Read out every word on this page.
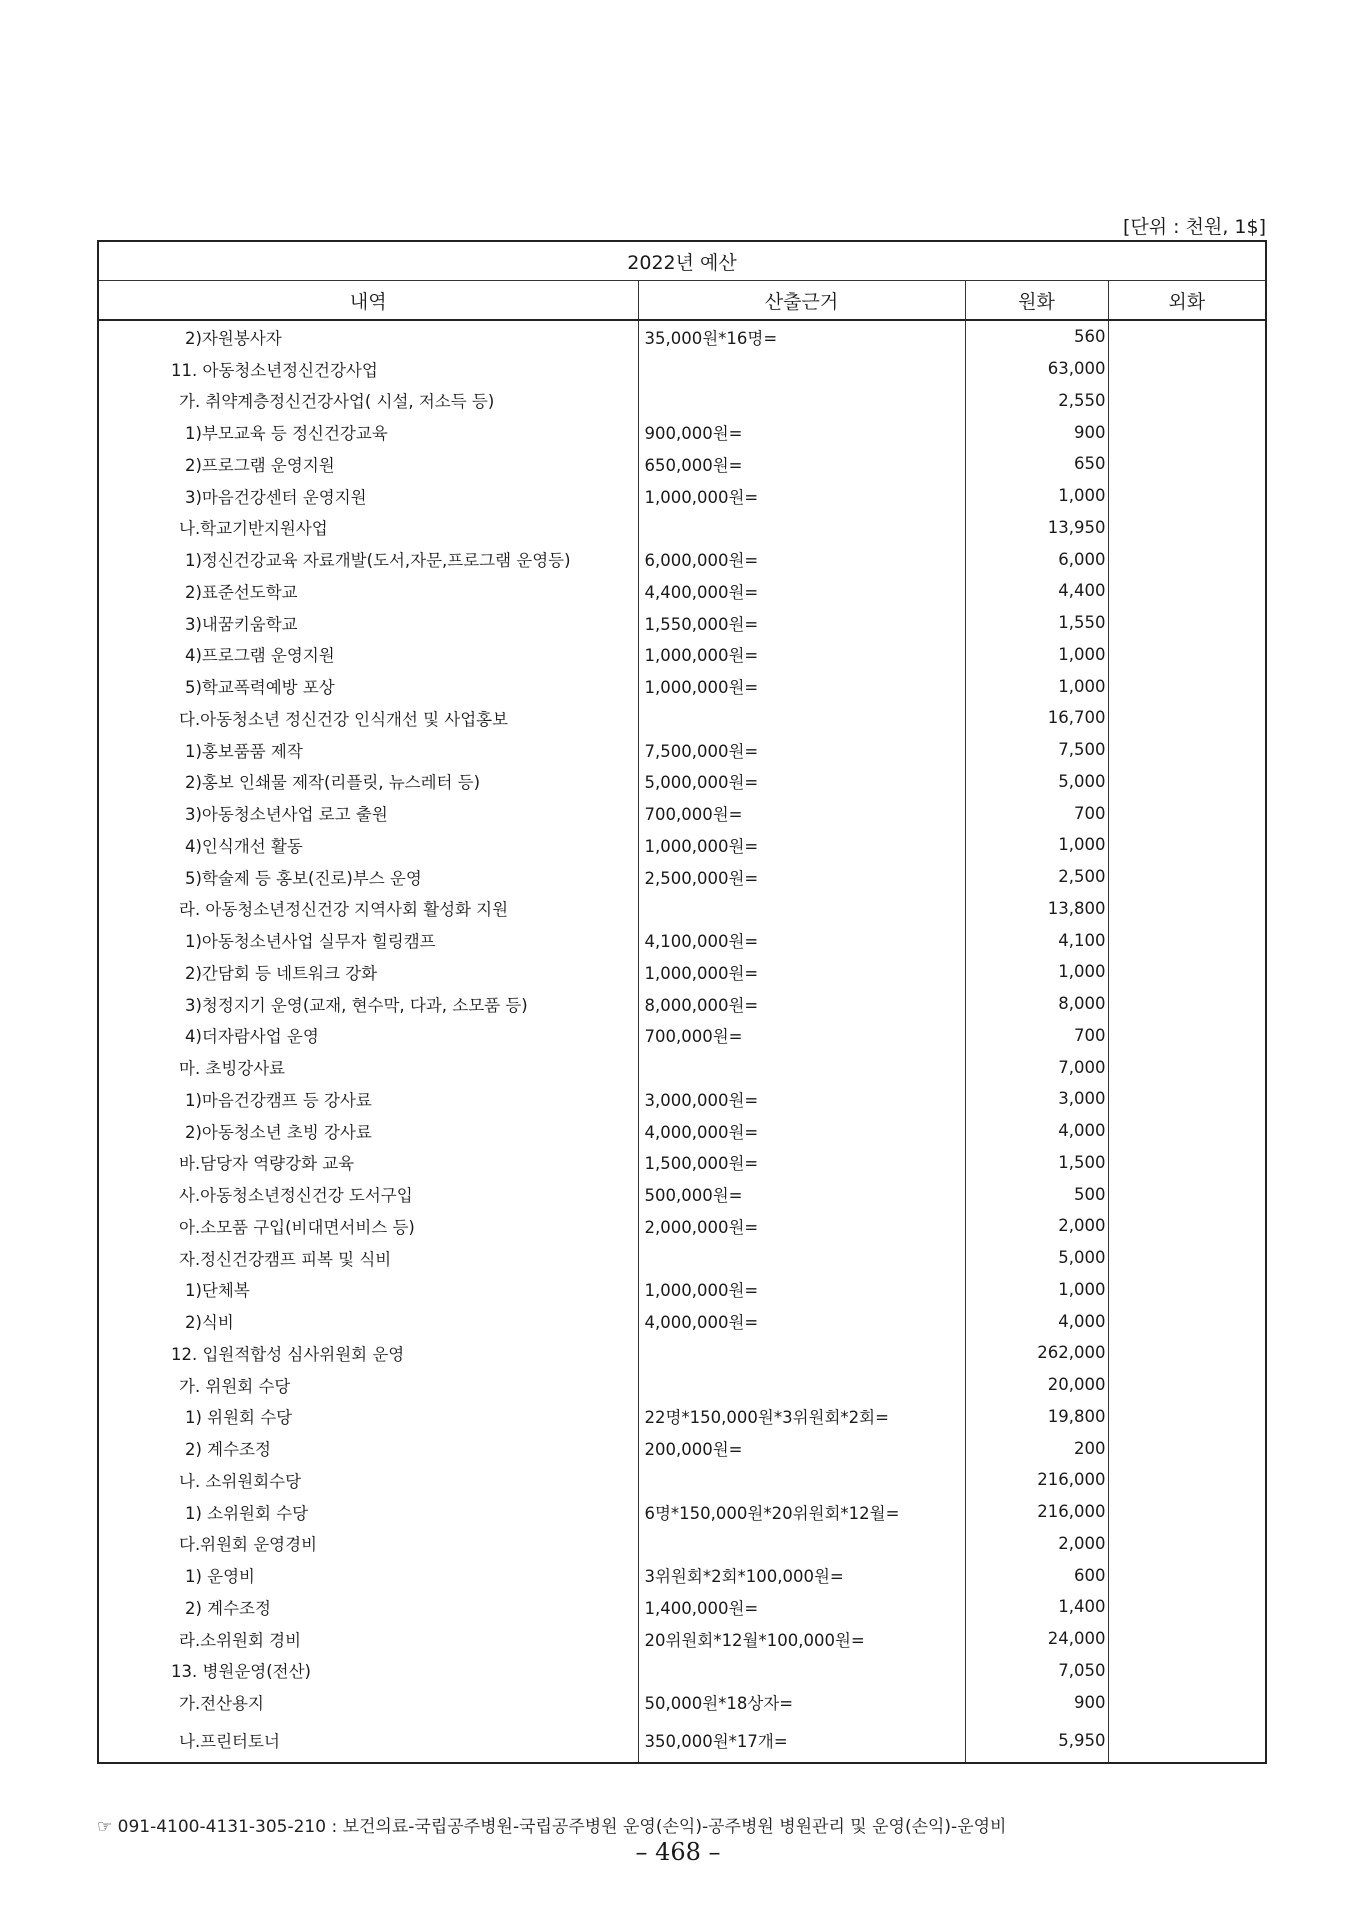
[단위 : 천원, 1$]
2022년 예산			
내역	산출근거	원화	외화
2)자원봉사자	35,000원*16명=	560	
11. 아동청소년정신건강사업		63,000	
가. 취약계층정신건강사업( 시설, 저소득 등)		2,550	
1)부모교육 등 정신건강교육	900,000원=	900	
2)프로그램 운영지원	650,000원=	650	
3)마음건강센터 운영지원	1,000,000원=	1,000	
나.학교기반지원사업		13,950	
1)정신건강교육 자료개발(도서,자문,프로그램 운영등)	6,000,000원=	6,000	
2)표준선도학교	4,400,000원=	4,400	
3)내꿈키움학교	1,550,000원=	1,550	
4)프로그램 운영지원	1,000,000원=	1,000	
5)학교폭력예방 포상	1,000,000원=	1,000	
다.아동청소년 정신건강 인식개선 및 사업홍보		16,700	
1)홍보품품 제작	7,500,000원=	7,500	
2)홍보 인쇄물 제작(리플릿, 뉴스레터 등)	5,000,000원=	5,000	
3)아동청소년사업 로고 출원	700,000원=	700	
4)인식개선 활동	1,000,000원=	1,000	
5)학술제 등 홍보(진로)부스 운영	2,500,000원=	2,500	
라. 아동청소년정신건강 지역사회 활성화 지원		13,800	
1)아동청소년사업 실무자 힐링캠프	4,100,000원=	4,100	
2)간담회 등 네트워크 강화	1,000,000원=	1,000	
3)청정지기 운영(교재, 현수막, 다과, 소모품 등)	8,000,000원=	8,000	
4)더자람사업 운영	700,000원=	700	
마. 초빙강사료		7,000	
1)마음건강캠프 등 강사료	3,000,000원=	3,000	
2)아동청소년 초빙 강사료	4,000,000원=	4,000	
바.담당자 역량강화 교육	1,500,000원=	1,500	
사.아동청소년정신건강 도서구입	500,000원=	500	
아.소모품 구입(비대면서비스 등)	2,000,000원=	2,000	
자.정신건강캠프 피복 및 식비		5,000	
1)단체복	1,000,000원=	1,000	
2)식비	4,000,000원=	4,000	
12. 입원적합성 심사위원회 운영		262,000	
가. 위원회 수당		20,000	
1) 위원회 수당	22명*150,000원*3위원회*2회=	19,800	
2) 계수조정	200,000원=	200	
나. 소위원회수당		216,000	
1) 소위원회 수당	6명*150,000원*20위원회*12월=	216,000	
다.위원회 운영경비		2,000	
1) 운영비	3위원회*2회*100,000원=	600	
2) 계수조정	1,400,000원=	1,400	
라.소위원회 경비	20위원회*12월*100,000원=	24,000	
13. 병원운영(전산)		7,050	
가.전산용지	50,000원*18상자=	900	
나.프린터토너	350,000원*17개=	5,950	
☞ 091-4100-4131-305-210 : 보건의료-국립공주병원-국립공주병원 운영(손익)-공주병원 병원관리 및 운영(손익)-운영비
– 468 –
